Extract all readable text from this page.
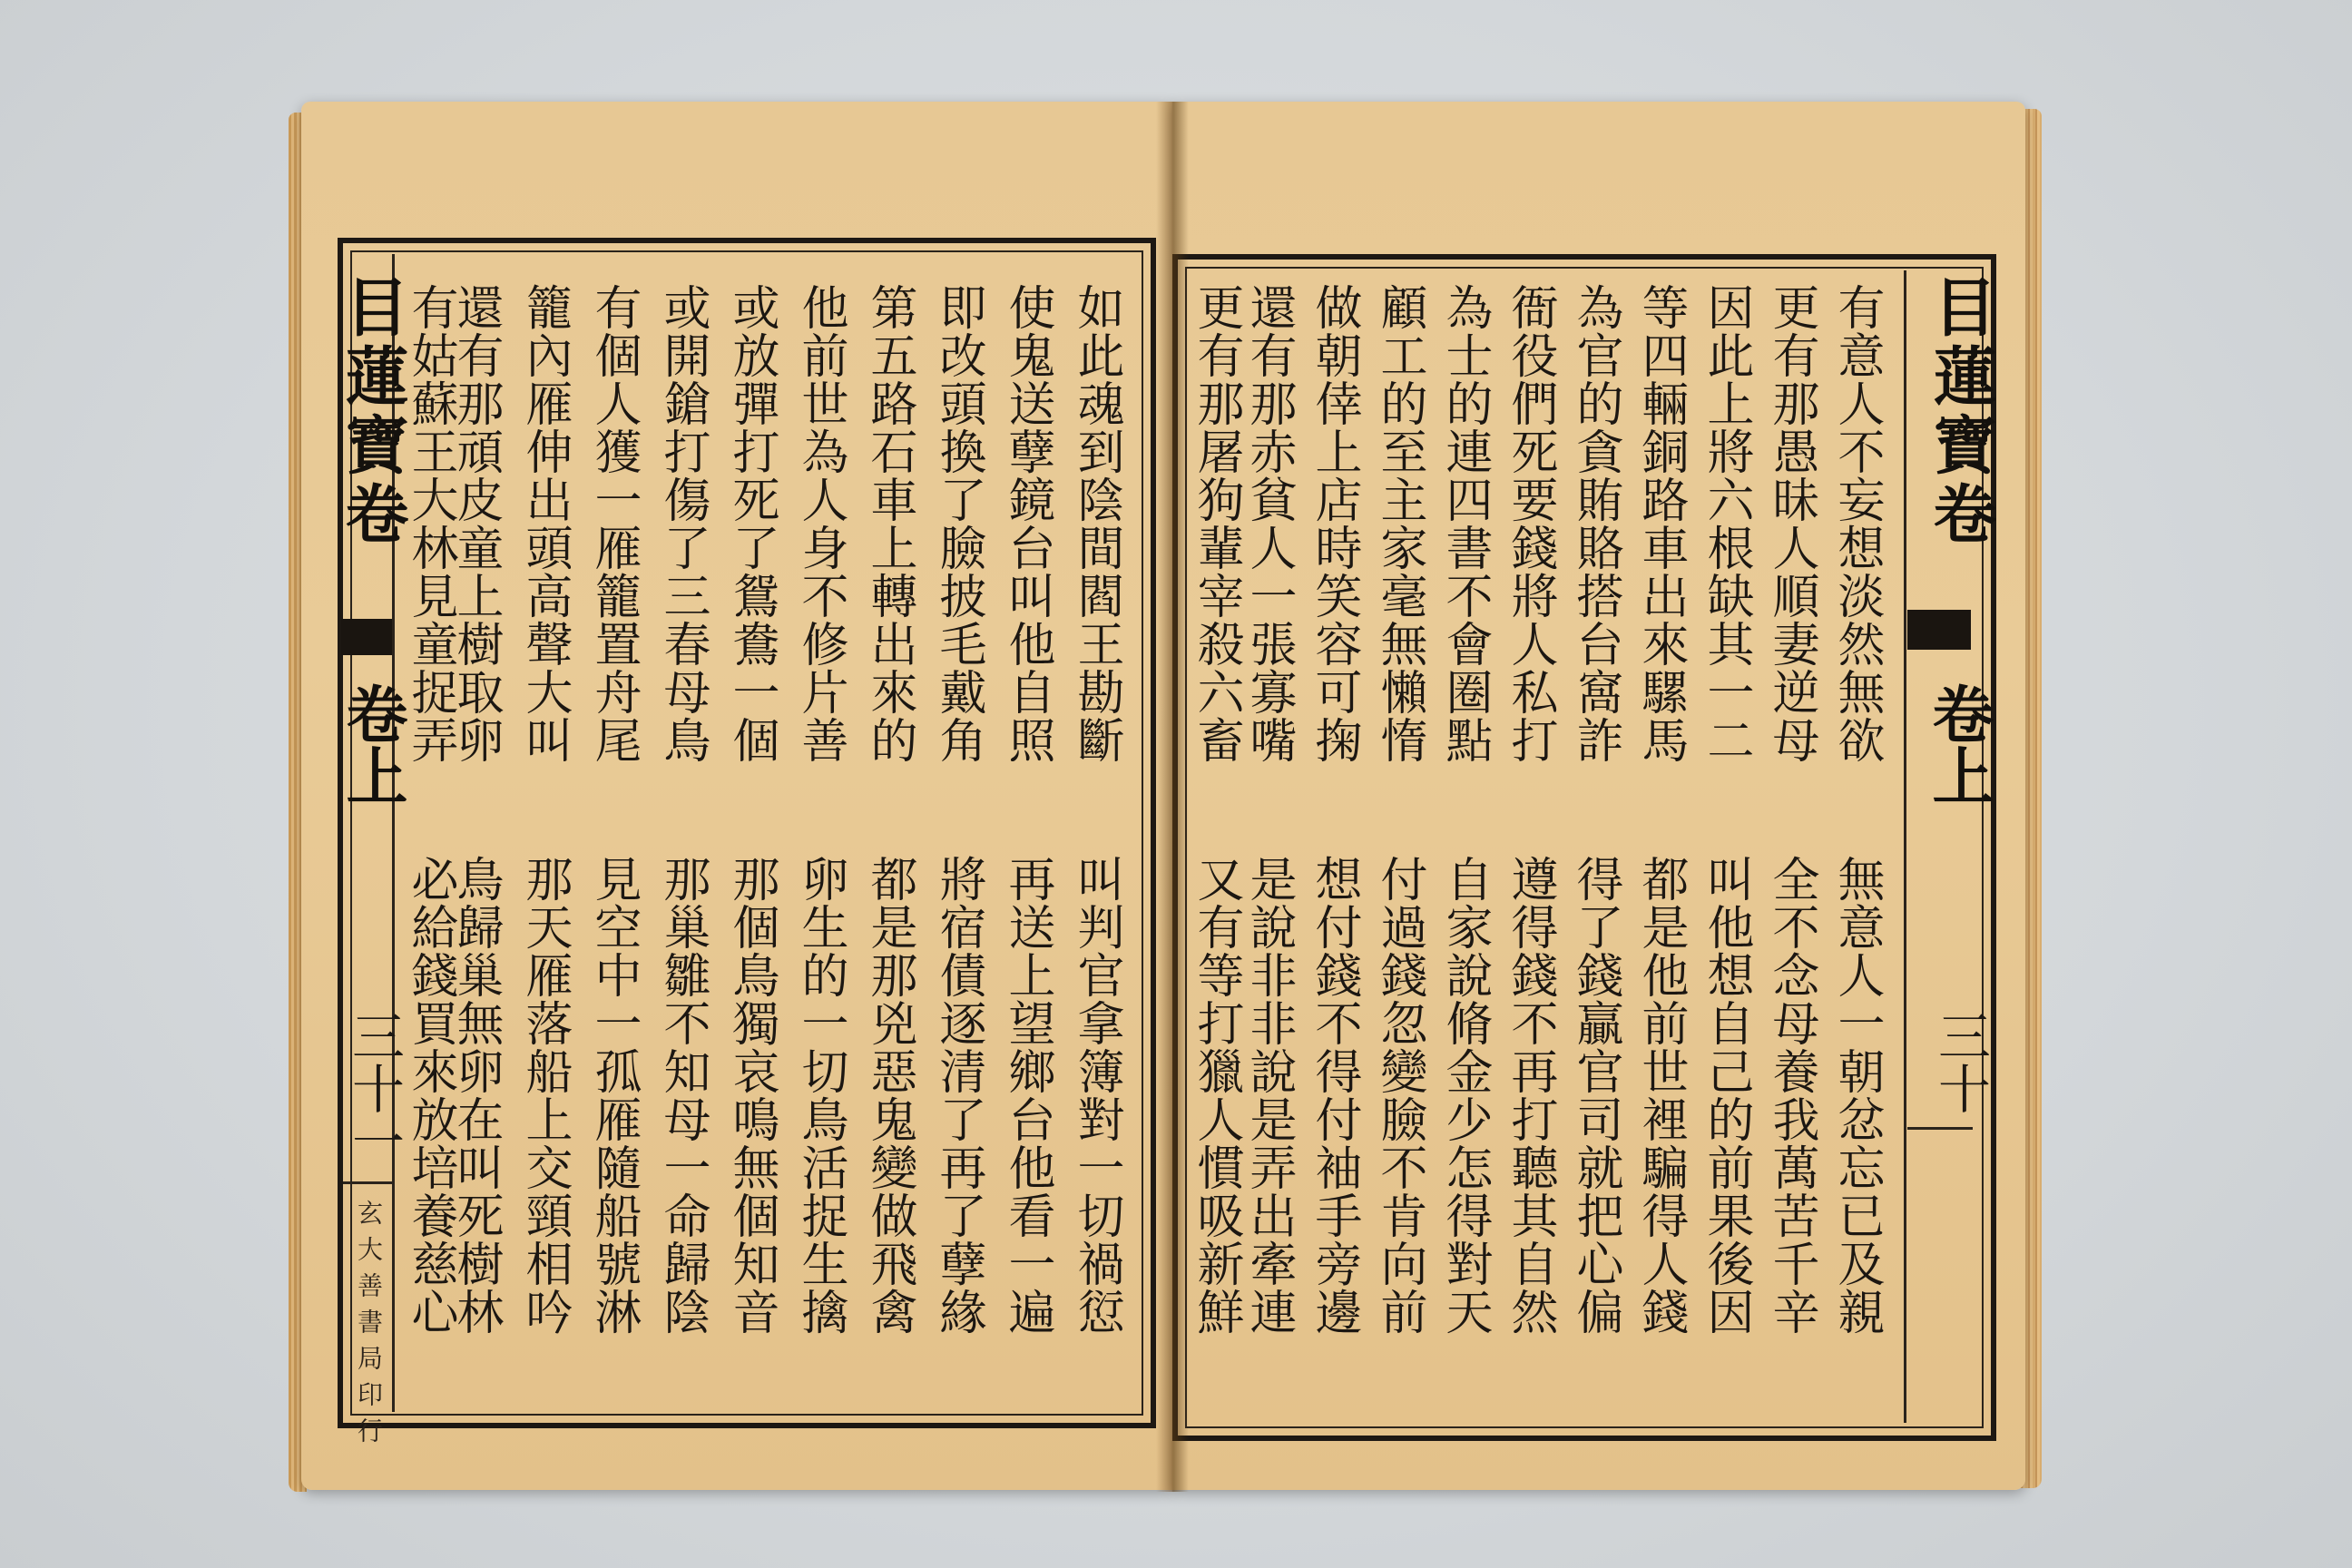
目蓮寶卷
卷上
三十一
玄大善書局印行
如此魂到陰間閻王勘斷
使鬼送孽鏡台叫他自照
即改頭換了臉披毛戴角
第五路石車上轉出來的
他前世為人身不修片善
或放彈打死了鴛鴦一個
或開鎗打傷了三春母鳥
有個人獲一雁籠置舟尾
籠內雁伸出頭高聲大叫
還有那頑皮童上樹取卵
有姑蘇王大林見童捉弄
叫判官拿簿對一切禍愆
再送上望鄉台他看一遍
將宿債逐清了再了孽緣
都是那兇惡鬼變做飛禽
卵生的一切鳥活捉生擒
那個鳥獨哀鳴無個知音
那巢雛不知母一命歸陰
見空中一孤雁隨船號淋
那天雁落船上交頸相吟
鳥歸巢無卵在叫死樹林
必給錢買來放培養慈心
目蓮寶卷
卷上
三十
有意人不妄想淡然無欲
更有那愚昧人順妻逆母
因此上將六根缺其一二
等四輛銅路車出來騾馬
為官的貪賄賂搭台窩詐
衙役們死要錢將人私打
為士的連四書不會圈點
顧工的至主家毫無懶惰
做朝倖上店時笑容可掬
還有那赤貧人一張寡嘴
更有那屠狗輩宰殺六畜
無意人一朝忿忘已及親
全不念母養我萬苦千辛
叫他想自己的前果後因
都是他前世裡騙得人錢
得了錢贏官司就把心偏
遵得錢不再打聽其自然
自家說脩金少怎得對天
付過錢忽變臉不肯向前
想付錢不得付袖手旁邊
是說非非說是弄出牽連
又有等打獵人慣吸新鮮
